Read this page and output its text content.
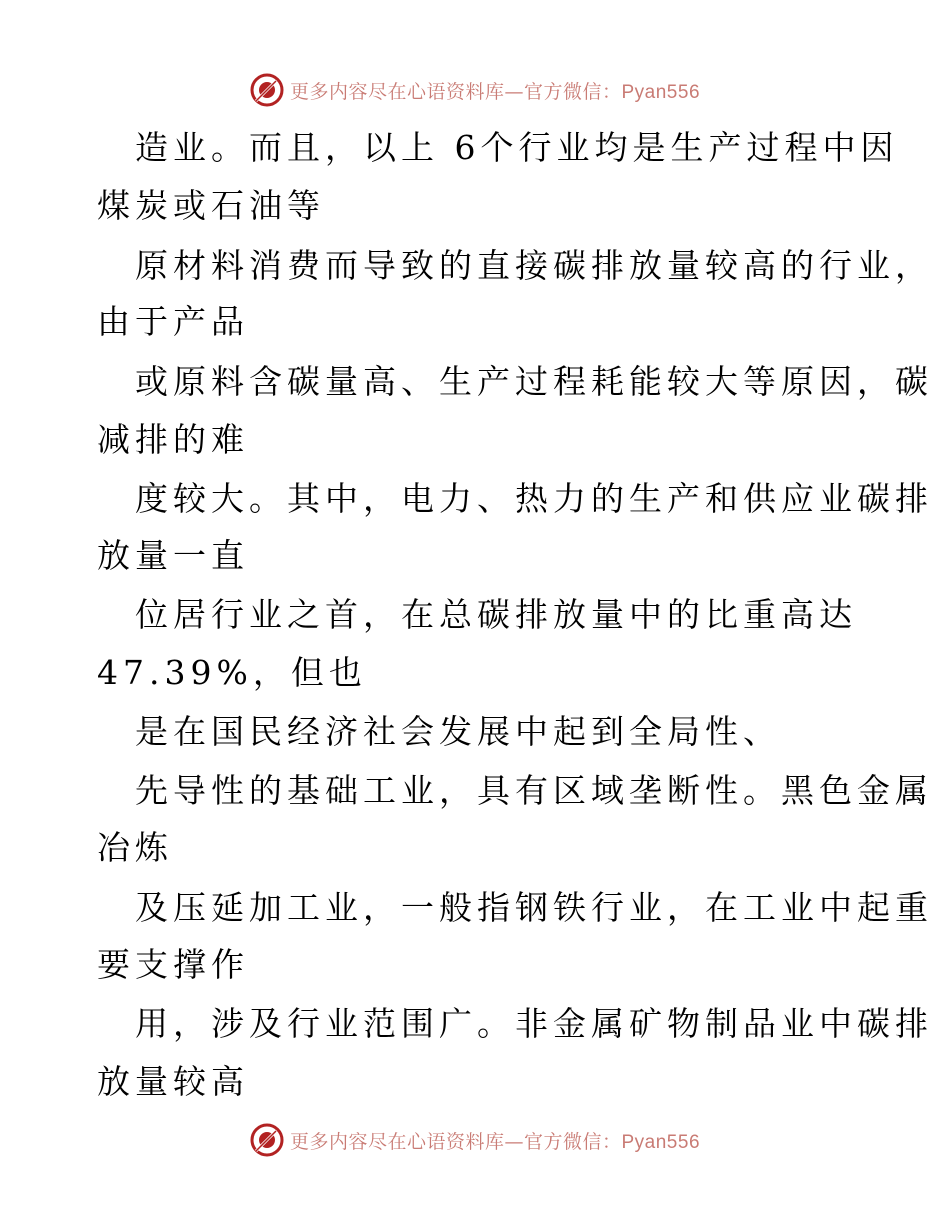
更多内容尽在心语资料库—官方微信：Pyan556
造业。而且，以上 6个行业均是生产过程中因
煤炭或石油等
原材料消费而导致的直接碳排放量较高的行业，
由于产品
或原料含碳量高、生产过程耗能较大等原因，碳
减排的难
度较大。其中，电力、热力的生产和供应业碳排
放量一直
位居行业之首，在总碳排放量中的比重高达
47.39%，但也
是在国民经济社会发展中起到全局性、
先导性的基础工业，具有区域垄断性。黑色金属
冶炼
及压延加工业，一般指钢铁行业，在工业中起重
要支撑作
用，涉及行业范围广。非金属矿物制品业中碳排
放量较高
更多内容尽在心语资料库—官方微信：Pyan556
